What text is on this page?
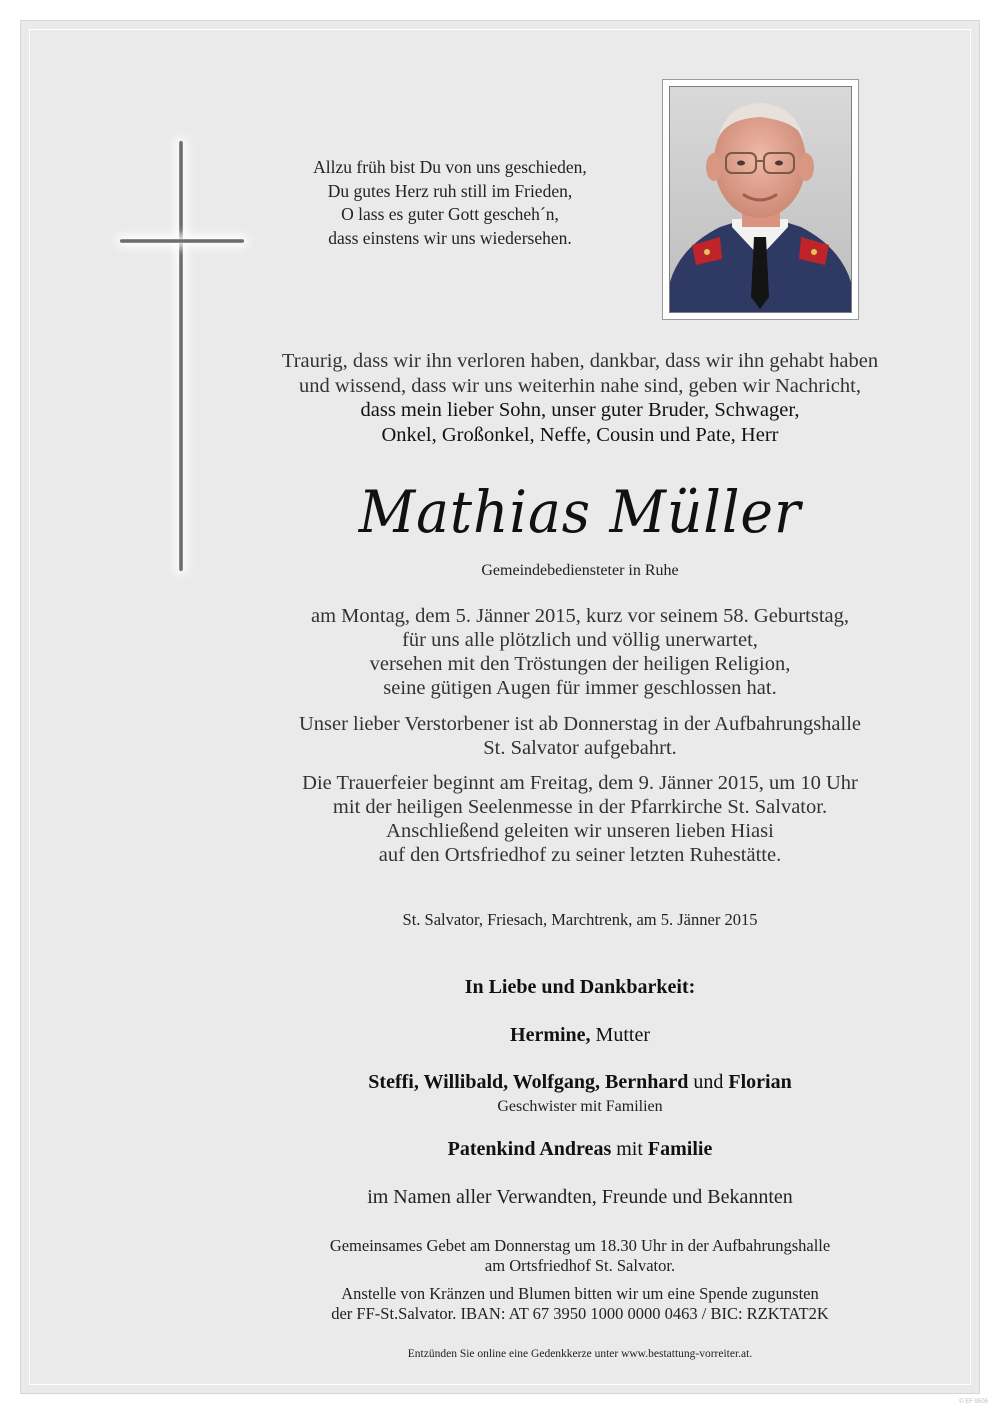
Allzu früh bist Du von uns geschieden,
Du gutes Herz ruh still im Frieden,
O lass es guter Gott gescheh´n,
dass einstens wir uns wiedersehen.
Traurig, dass wir ihn verloren haben, dankbar, dass wir ihn gehabt haben
und wissend, dass wir uns weiterhin nahe sind, geben wir Nachricht,
dass mein lieber Sohn, unser guter Bruder, Schwager,
Onkel, Großonkel, Neffe, Cousin und Pate, Herr
Mathias Müller
Gemeindebediensteter in Ruhe
am Montag, dem 5. Jänner 2015, kurz vor seinem 58. Geburtstag,
für uns alle plötzlich und völlig unerwartet,
versehen mit den Tröstungen der heiligen Religion,
seine gütigen Augen für immer geschlossen hat.
Unser lieber Verstorbener ist ab Donnerstag in der Aufbahrungshalle
St. Salvator aufgebahrt.
Die Trauerfeier beginnt am Freitag, dem 9. Jänner 2015, um 10 Uhr
mit der heiligen Seelenmesse in der Pfarrkirche St. Salvator.
Anschließend geleiten wir unseren lieben Hiasi
auf den Ortsfriedhof zu seiner letzten Ruhestätte.
St. Salvator, Friesach, Marchtrenk, am 5. Jänner 2015
In Liebe und Dankbarkeit:
Hermine, Mutter
Steffi, Willibald, Wolfgang, Bernhard und Florian
Geschwister mit Familien
Patenkind Andreas mit Familie
im Namen aller Verwandten, Freunde und Bekannten
Gemeinsames Gebet am Donnerstag um 18.30 Uhr in der Aufbahrungshalle
am Ortsfriedhof St. Salvator.
Anstelle von Kränzen und Blumen bitten wir um eine Spende zugunsten
der FF-St.Salvator. IBAN: AT 67 3950 1000 0000 0463 / BIC: RZKTAT2K
Entzünden Sie online eine Gedenkkerze unter www.bestattung-vorreiter.at.
© EF 9505
